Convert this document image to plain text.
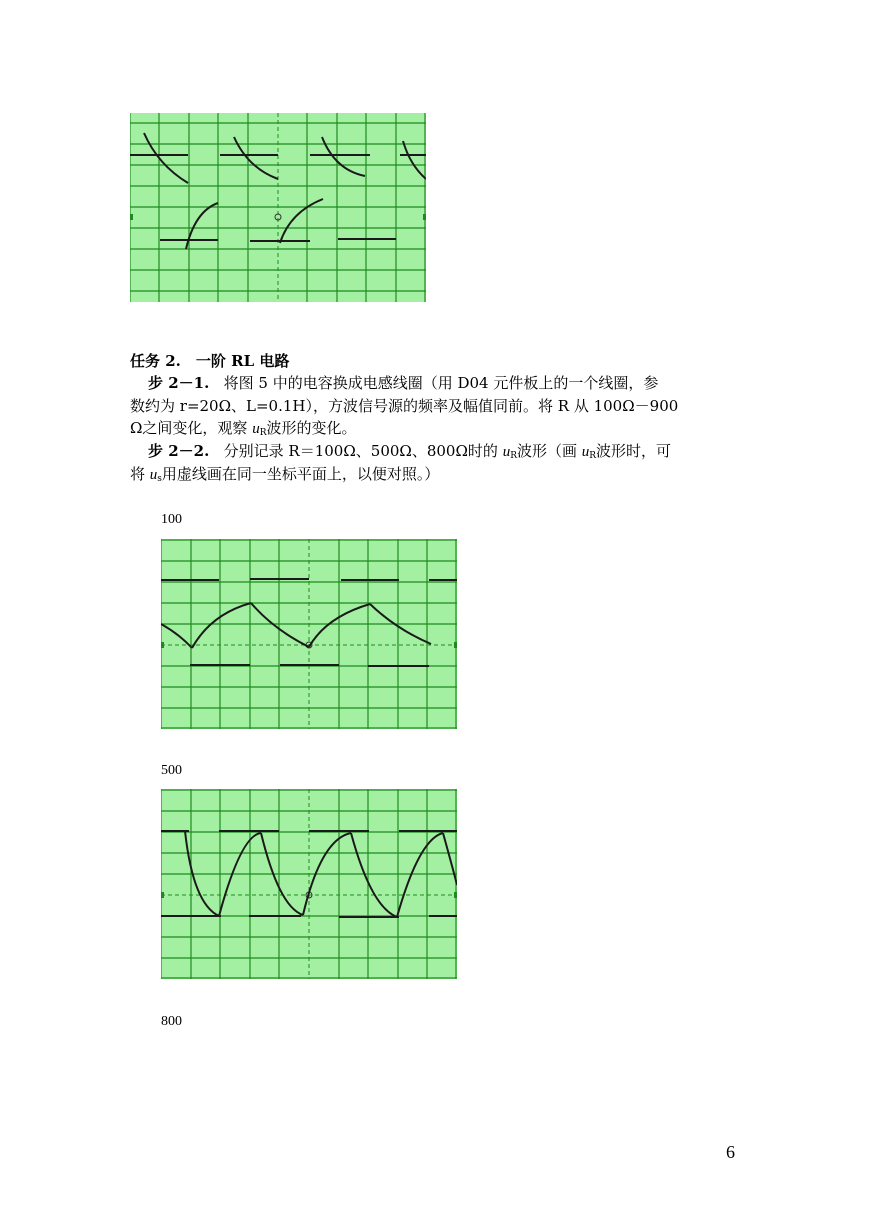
任务 2.　一阶 RL 电路
步 2－1. 将图 5 中的电容换成电感线圈（用 D04 元件板上的一个线圈，参
数约为 r=20Ω、L=0.1H），方波信号源的频率及幅值同前。将 R 从 100Ω－900
Ω之间变化，观察 $u_R$波形的变化。
步 2－2. 分别记录 R＝100Ω、500Ω、800Ω时的 $u_R$波形（画 $u_R$波形时，可
将 $u_s$用虚线画在同一坐标平面上，以便对照。）
100
500
800
6
